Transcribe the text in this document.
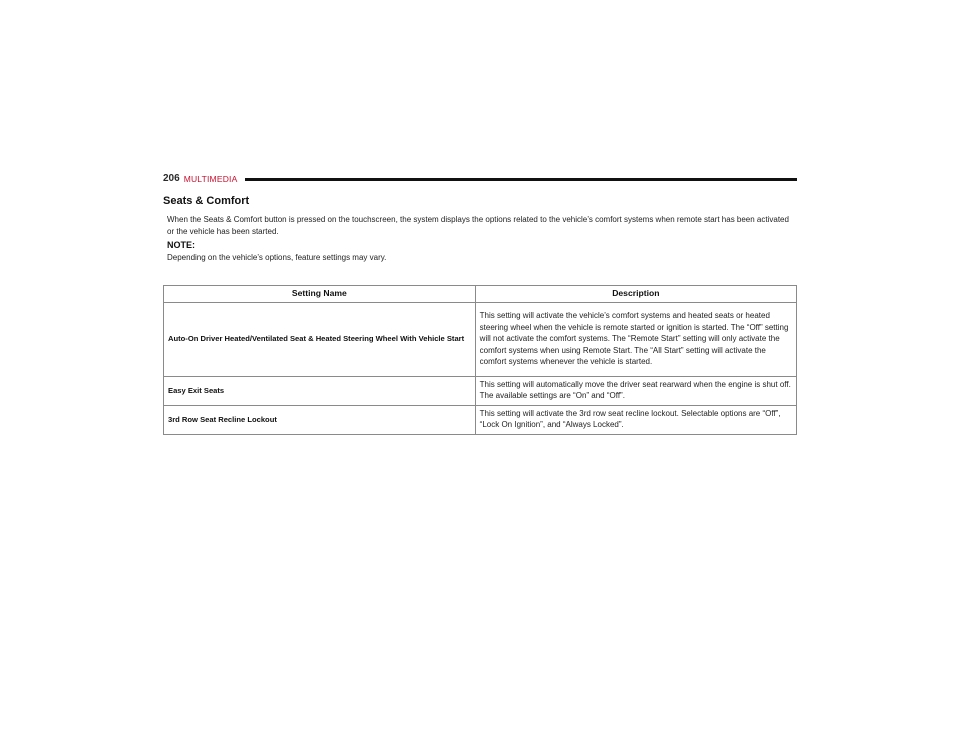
206 MULTIMEDIA
Seats & Comfort

When the Seats & Comfort button is pressed on the touchscreen, the system displays the options related to the vehicle’s comfort systems when remote start has been activated or the vehicle has been started.

NOTE:

Depending on the vehicle’s options, feature settings may vary.

Setting Name	Description
Auto-On Driver Heated/Ventilated Seat & Heated Steering Wheel With Vehicle Start	This setting will activate the vehicle’s comfort systems and heated seats or heated steering wheel when the vehicle is remote started or ignition is started. The “Off” setting will not activate the comfort systems. The “Remote Start” setting will only activate the comfort systems when using Remote Start. The “All Start” setting will activate the comfort systems whenever the vehicle is started.
Easy Exit Seats	This setting will automatically move the driver seat rearward when the engine is shut off. The available settings are “On” and “Off”.
3rd Row Seat Recline Lockout	This setting will activate the 3rd row seat recline lockout. Selectable options are “Off”, “Lock On Ignition”, and “Always Locked”.
